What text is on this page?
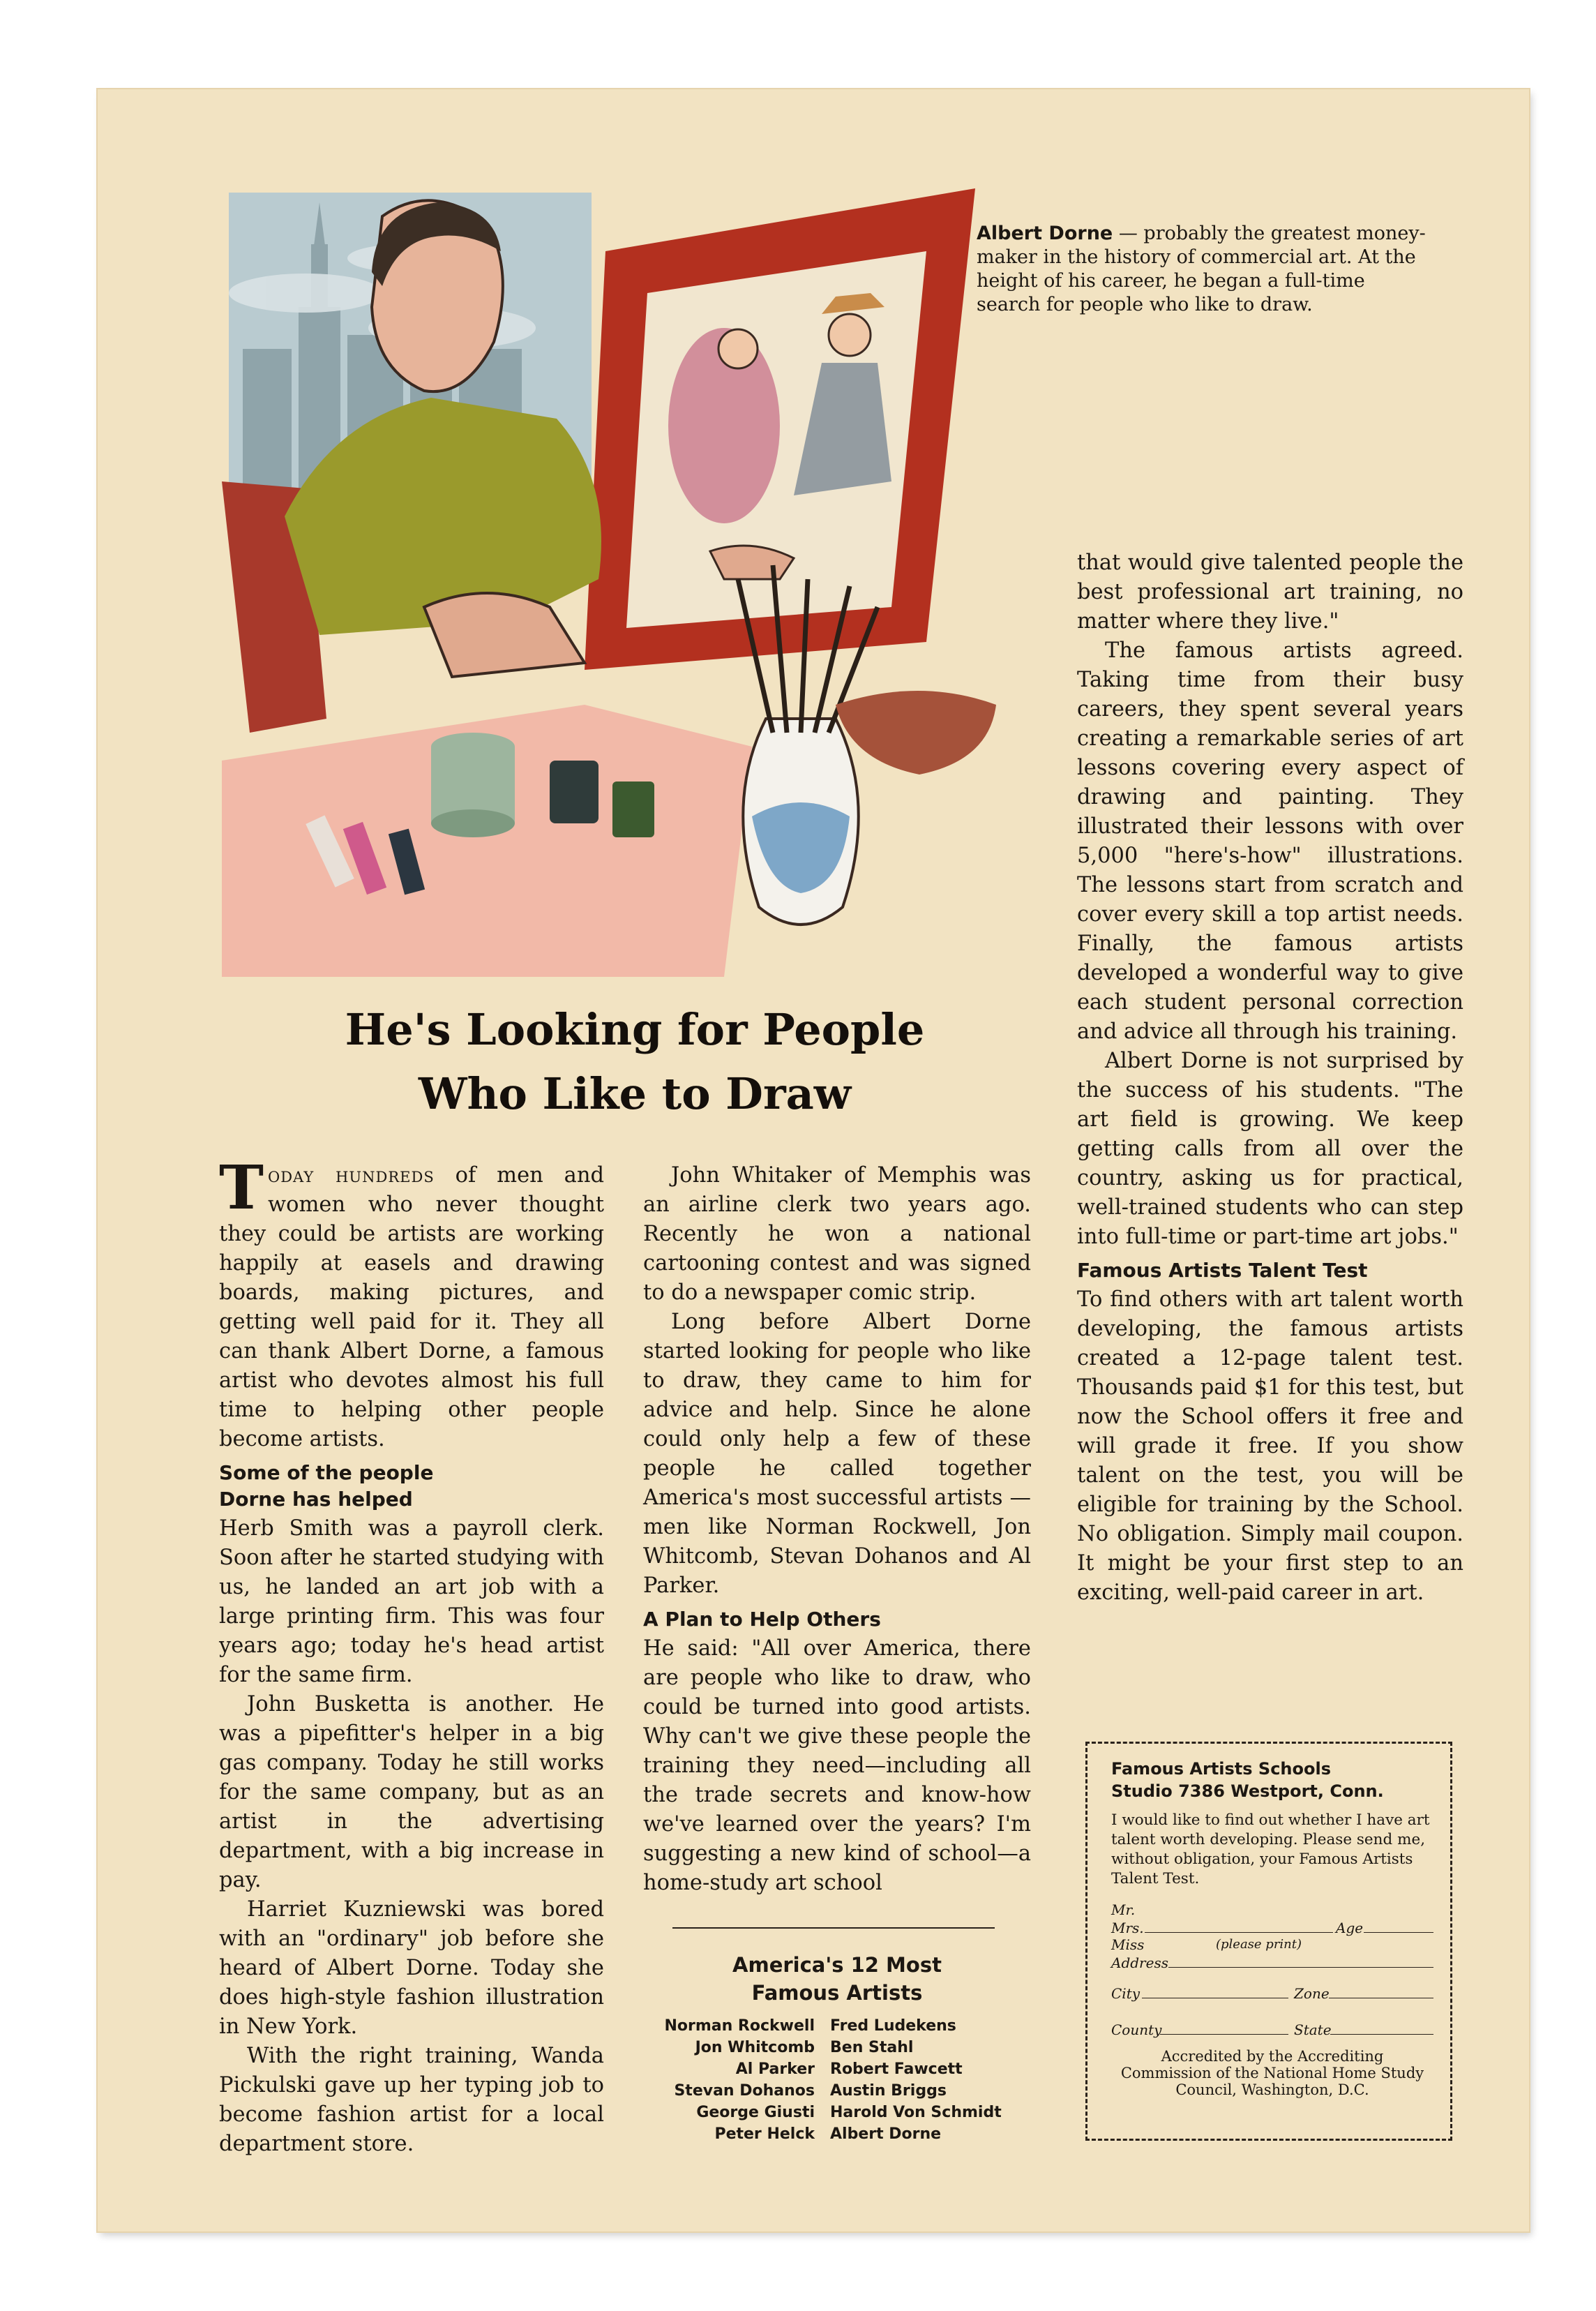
Albert Dorne — probably the greatest money-maker in the history of commercial art. At the height of his career, he began a full-time search for people who like to draw.
He's Looking for People
Who Like to Draw

Today hundreds of men and women who never thought they could be artists are working happily at easels and drawing boards, making pictures, and getting well paid for it. They all can thank Albert Dorne, a famous artist who devotes almost his full time to helping other people become artists.

Some of the people
Dorne has helped

Herb Smith was a payroll clerk. Soon after he started studying with us, he landed an art job with a large printing firm. This was four years ago; today he's head artist for the same firm.

John Busketta is another. He was a pipefitter's helper in a big gas company. Today he still works for the same company, but as an artist in the advertising department, with a big increase in pay.

Harriet Kuzniewski was bored with an "ordinary" job before she heard of Albert Dorne. Today she does high-style fashion illustration in New York.

With the right training, Wanda Pickulski gave up her typing job to become fashion artist for a local department store.

John Whitaker of Memphis was an airline clerk two years ago. Recently he won a national cartooning contest and was signed to do a newspaper comic strip.

Long before Albert Dorne started looking for people who like to draw, they came to him for advice and help. Since he alone could only help a few of these people he called together America's most successful artists —men like Norman Rockwell, Jon Whitcomb, Stevan Dohanos and Al Parker.

A Plan to Help Others

He said: "All over America, there are people who like to draw, who could be turned into good artists. Why can't we give these people the training they need—including all the trade secrets and know-how we've learned over the years? I'm suggesting a new kind of school—a home-study art school

America's 12 Most
Famous Artists
Norman Rockwell	Fred Ludekens
Jon Whitcomb	Ben Stahl
Al Parker	Robert Fawcett
Stevan Dohanos	Austin Briggs
George Giusti	Harold Von Schmidt
Peter Helck	Albert Dorne

that would give talented people the best professional art training, no matter where they live."

The famous artists agreed. Taking time from their busy careers, they spent several years creating a remarkable series of art lessons covering every aspect of drawing and painting. They illustrated their lessons with over 5,000 "here's-how" illustrations. The lessons start from scratch and cover every skill a top artist needs. Finally, the famous artists developed a wonderful way to give each student personal correction and advice all through his training.

Albert Dorne is not surprised by the success of his students. "The art field is growing. We keep getting calls from all over the country, asking us for practical, well-trained students who can step into full-time or part-time art jobs."

Famous Artists Talent Test

To find others with art talent worth developing, the famous artists created a 12-page talent test. Thousands paid $1 for this test, but now the School offers it free and will grade it free. If you show talent on the test, you will be eligible for training by the School. No obligation. Simply mail coupon. It might be your first step to an exciting, well-paid career in art.

Famous Artists Schools
Studio 7386 Westport, Conn.
I would like to find out whether I have art talent worth developing. Please send me, without obligation, your Famous Artists Talent Test.
Mr.
Mrs.	Age
Miss	(please print)
Address
City	Zone
County	State
Accredited by the Accrediting Commission of the National Home Study Council, Washington, D.C.
